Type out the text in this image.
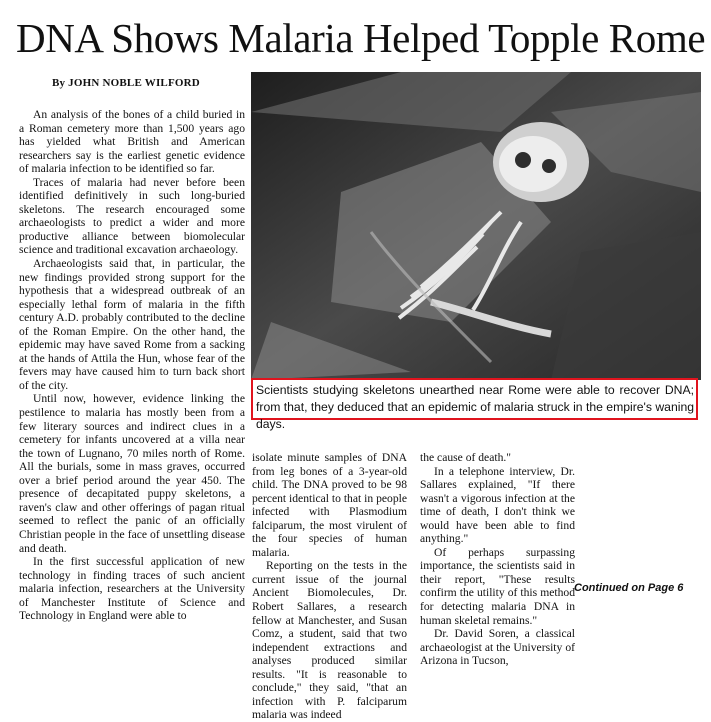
DNA Shows Malaria Helped Topple Rome
By JOHN NOBLE WILFORD

An analysis of the bones of a child buried in a Roman cemetery more than 1,500 years ago has yielded what British and American researchers say is the earliest genetic evidence of malaria infection to be identified so far.

Traces of malaria had never before been identified definitively in such long-buried skeletons. The research encouraged some archaeologists to predict a wider and more productive alliance between biomolecular science and traditional excavation archaeology.

Archaeologists said that, in particular, the new findings provided strong support for the hypothesis that a widespread outbreak of an especially lethal form of malaria in the fifth century A.D. probably contributed to the decline of the Roman Empire. On the other hand, the epidemic may have saved Rome from a sacking at the hands of Attila the Hun, whose fear of the fevers may have caused him to turn back short of the city.

Until now, however, evidence linking the pestilence to malaria has mostly been from a few literary sources and indirect clues in a cemetery for infants uncovered at a villa near the town of Lugnano, 70 miles north of Rome. All the burials, some in mass graves, occurred over a brief period around the year 450. The presence of decapitated puppy skeletons, a raven's claw and other offerings of pagan ritual seemed to reflect the panic of an officially Christian people in the face of unsettling disease and death.

In the first successful application of new technology in finding traces of such ancient malaria infection, researchers at the University of Manchester Institute of Science and Technology in England were able to

Scientists studying skeletons unearthed near Rome were able to recover DNA; from that, they deduced that an epidemic of malaria struck in the empire's waning days.

isolate minute samples of DNA from leg bones of a 3-year-old child. The DNA proved to be 98 percent identical to that in people infected with Plasmodium falciparum, the most virulent of the four species of human malaria.

Reporting on the tests in the current issue of the journal Ancient Biomolecules, Dr. Robert Sallares, a research fellow at Manchester, and Susan Comz, a student, said that two independent extractions and analyses produced similar results. "It is reasonable to conclude," they said, "that an infection with P. falciparum malaria was indeed

the cause of death."

In a telephone interview, Dr. Sallares explained, "If there wasn't a vigorous infection at the time of death, I don't think we would have been able to find anything."

Of perhaps surpassing importance, the scientists said in their report, "These results confirm the utility of this method for detecting malaria DNA in human skeletal remains."

Dr. David Soren, a classical archaeologist at the University of Arizona in Tucson,

Continued on Page 6
